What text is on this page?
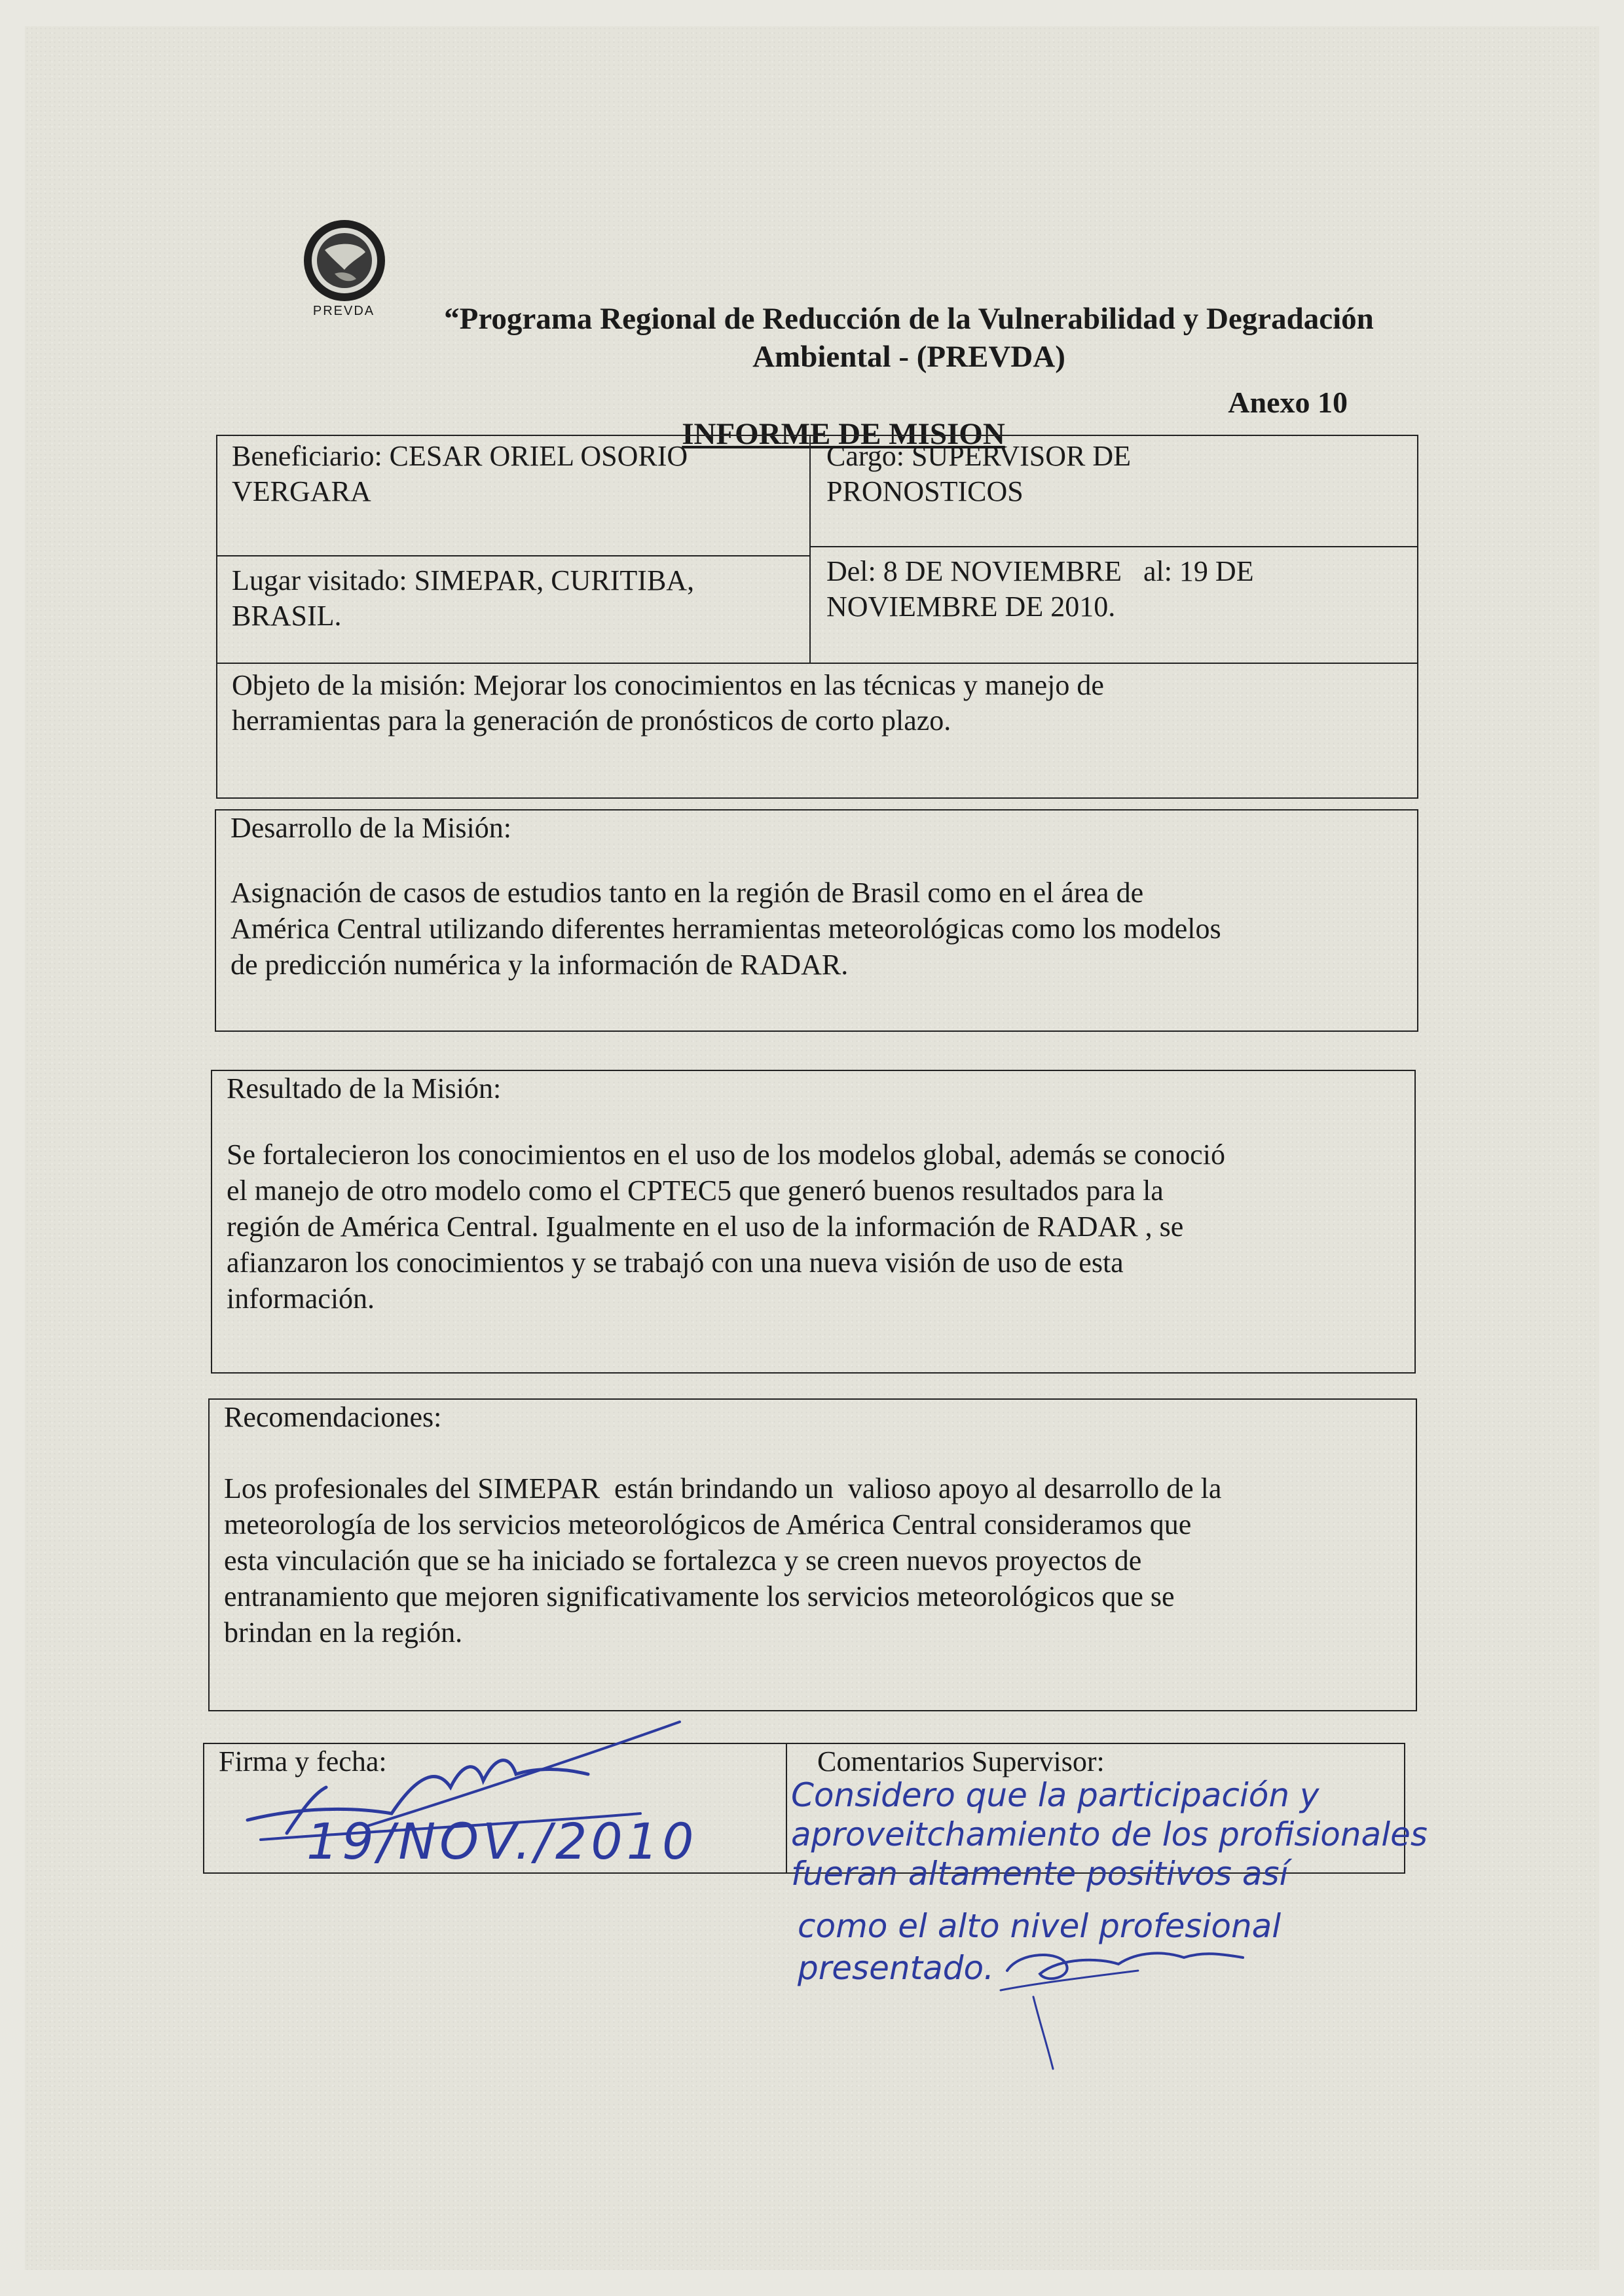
PREVDA	“Programa Regional de Reducción de la Vulnerabilidad y Degradación
Ambiental - (PREVDA)
Anexo 10
INFORME DE MISION
Beneficiario: CESAR ORIEL OSORIO
VERGARA
Cargo: SUPERVISOR DE
PRONOSTICOS
Lugar visitado: SIMEPAR, CURITIBA,
BRASIL.
Del: 8 DE NOVIEMBRE   al: 19 DE
NOVIEMBRE DE 2010.
Objeto de la misión: Mejorar los conocimientos en las técnicas y manejo de
herramientas para la generación de pronósticos de corto plazo.
Desarrollo de la Misión:
Asignación de casos de estudios tanto en la región de Brasil como en el área de
América Central utilizando diferentes herramientas meteorológicas como los modelos
de predicción numérica y la información de RADAR.
Resultado de la Misión:
Se fortalecieron los conocimientos en el uso de los modelos global, además se conoció
el manejo de otro modelo como el CPTEC5 que generó buenos resultados para la
región de América Central. Igualmente en el uso de la información de RADAR , se
afianzaron los conocimientos y se trabajó con una nueva visión de uso de esta
información.
Recomendaciones:
Los profesionales del SIMEPAR  están brindando un  valioso apoyo al desarrollo de la
meteorología de los servicios meteorológicos de América Central consideramos que
esta vinculación que se ha iniciado se fortalezca y se creen nuevos proyectos de
entranamiento que mejoren significativamente los servicios meteorológicos que se
brindan en la región.
Firma y fecha:	Comentarios Supervisor:
19/NOV./2010
Considero que la participación y
aproveitchamiento de los profisionales
fueran altamente positivos así
como el alto nivel profesional
presentado.
